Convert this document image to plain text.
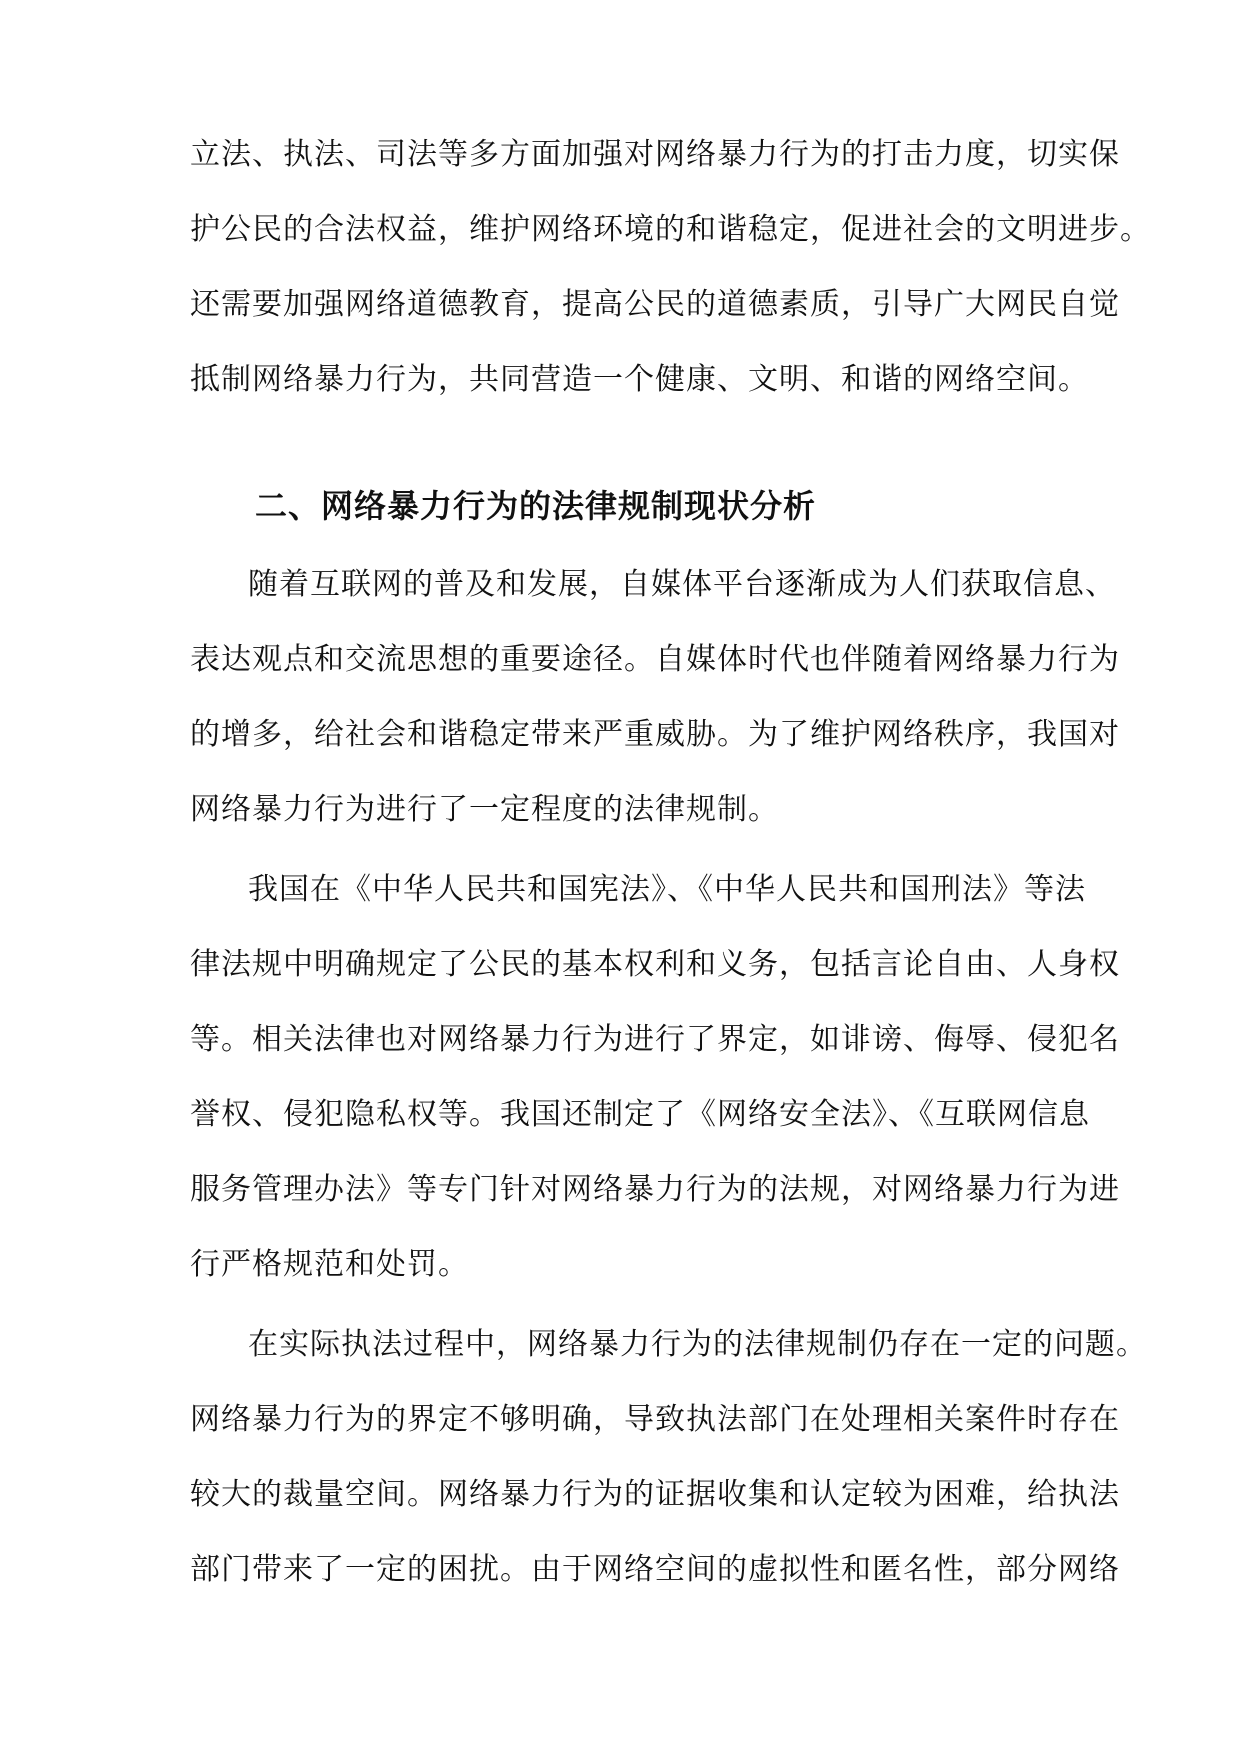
立法、执法、司法等多方面加强对网络暴力行为的打击力度，切实保
护公民的合法权益，维护网络环境的和谐稳定，促进社会的文明进步。
还需要加强网络道德教育，提高公民的道德素质，引导广大网民自觉
抵制网络暴力行为，共同营造一个健康、文明、和谐的网络空间。
二、网络暴力行为的法律规制现状分析
随着互联网的普及和发展，自媒体平台逐渐成为人们获取信息、
表达观点和交流思想的重要途径。自媒体时代也伴随着网络暴力行为
的增多，给社会和谐稳定带来严重威胁。为了维护网络秩序，我国对
网络暴力行为进行了一定程度的法律规制。
我国在《中华人民共和国宪法》、《中华人民共和国刑法》等法
律法规中明确规定了公民的基本权利和义务，包括言论自由、人身权
等。相关法律也对网络暴力行为进行了界定，如诽谤、侮辱、侵犯名
誉权、侵犯隐私权等。我国还制定了《网络安全法》、《互联网信息
服务管理办法》等专门针对网络暴力行为的法规，对网络暴力行为进
行严格规范和处罚。
在实际执法过程中，网络暴力行为的法律规制仍存在一定的问题。
网络暴力行为的界定不够明确，导致执法部门在处理相关案件时存在
较大的裁量空间。网络暴力行为的证据收集和认定较为困难，给执法
部门带来了一定的困扰。由于网络空间的虚拟性和匿名性，部分网络
